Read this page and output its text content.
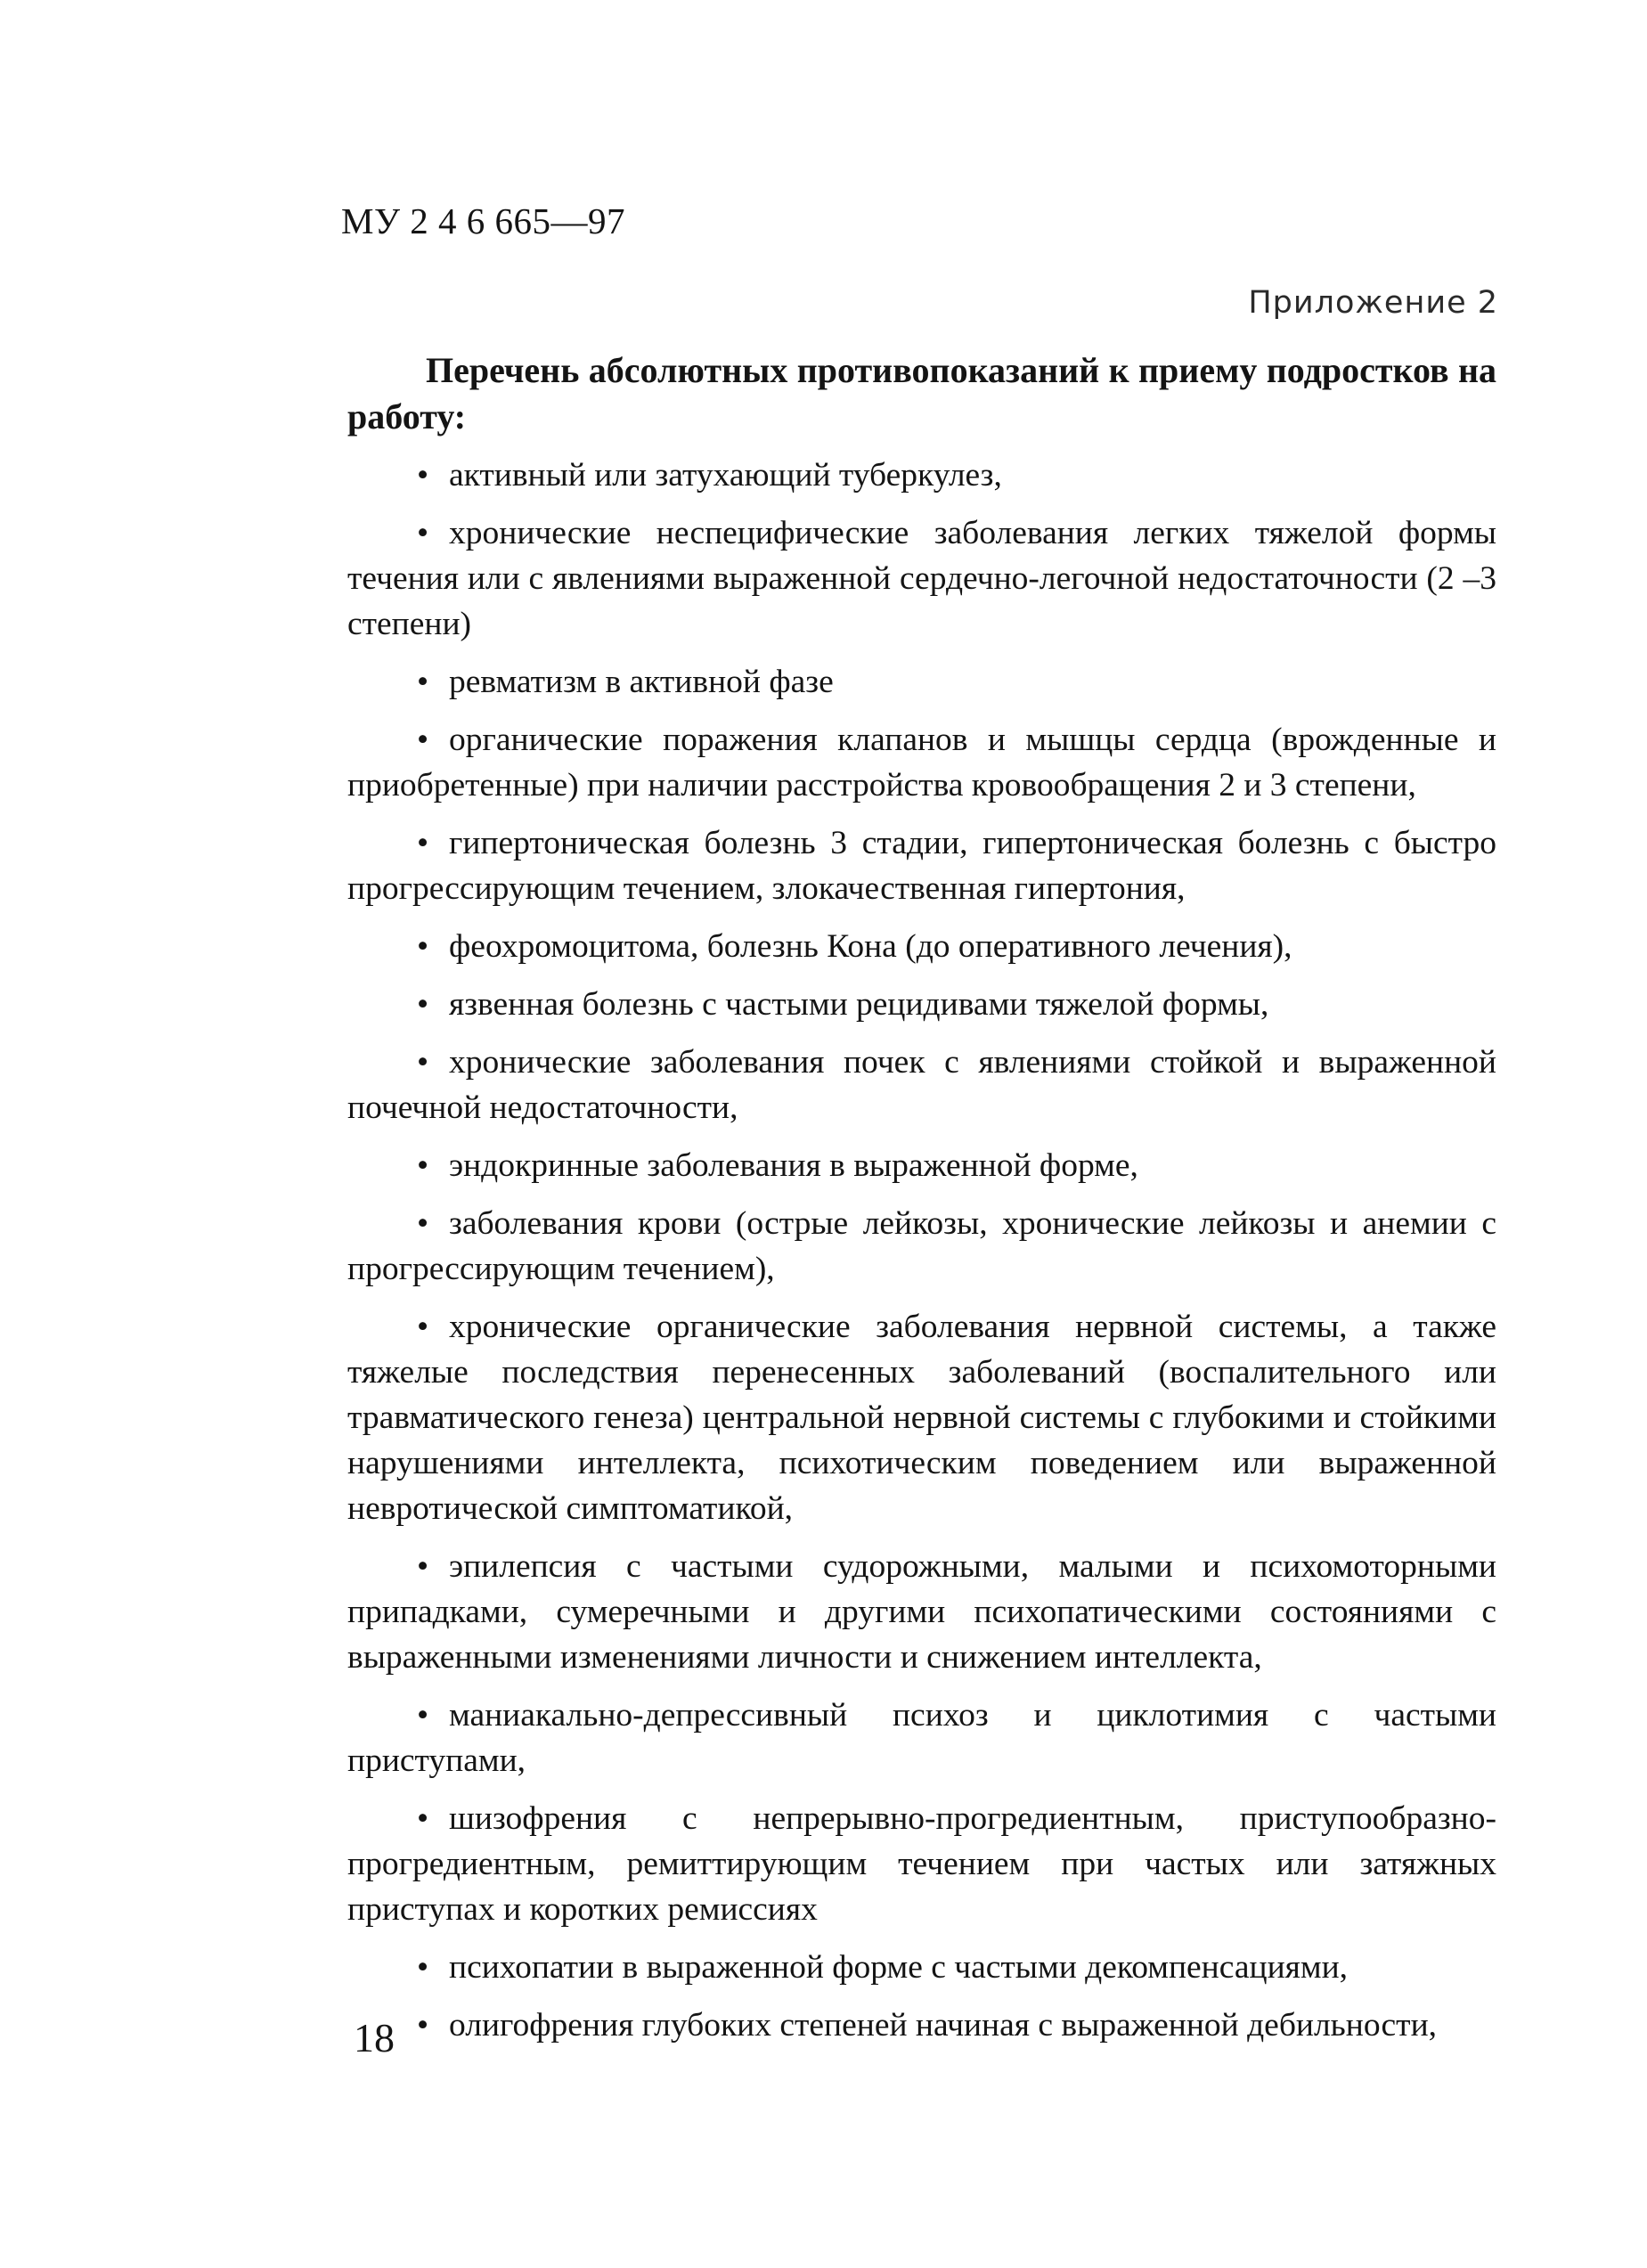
МУ 2 4 6 665—97
Приложение 2

Перечень абсолютных противопоказаний к приему подростков на работу:

• активный или затухающий туберкулез,
• хронические неспецифические заболевания легких тяжелой формы течения или с явлениями выраженной сердечно-легочной недостаточности (2 –3 степени)
• ревматизм в активной фазе
• органические поражения клапанов и мышцы сердца (врожденные и приобретенные) при наличии расстройства кровообращения 2 и 3 степени,
• гипертоническая болезнь 3 стадии, гипертоническая болезнь с быстро прогрессирующим течением, злокачественная гипертония,
• феохромоцитома, болезнь Кона (до оперативного лечения),
• язвенная болезнь с частыми рецидивами тяжелой формы,
• хронические заболевания почек с явлениями стойкой и выраженной почечной недостаточности,
• эндокринные заболевания в выраженной форме,
• заболевания крови (острые лейкозы, хронические лейкозы и анемии с прогрессирующим течением),
• хронические органические заболевания нервной системы, а также тяжелые последствия перенесенных заболеваний (воспалительного или травматического генеза) центральной нервной системы с глубокими и стойкими нарушениями интеллекта, психотическим поведением или выраженной невротической симптоматикой,
• эпилепсия с частыми судорожными, малыми и психомоторными припадками, сумеречными и другими психопатическими состояниями с выраженными изменениями личности и снижением интеллекта,
• маниакально-депрессивный психоз и циклотимия с частыми приступами,
• шизофрения с непрерывно-прогредиентным, приступообразно-прогредиентным, ремиттирующим течением при частых или затяжных приступах и коротких ремиссиях
• психопатии в выраженной форме с частыми декомпенсациями,
• олигофрения глубоких степеней начиная с выраженной дебильности,
18
